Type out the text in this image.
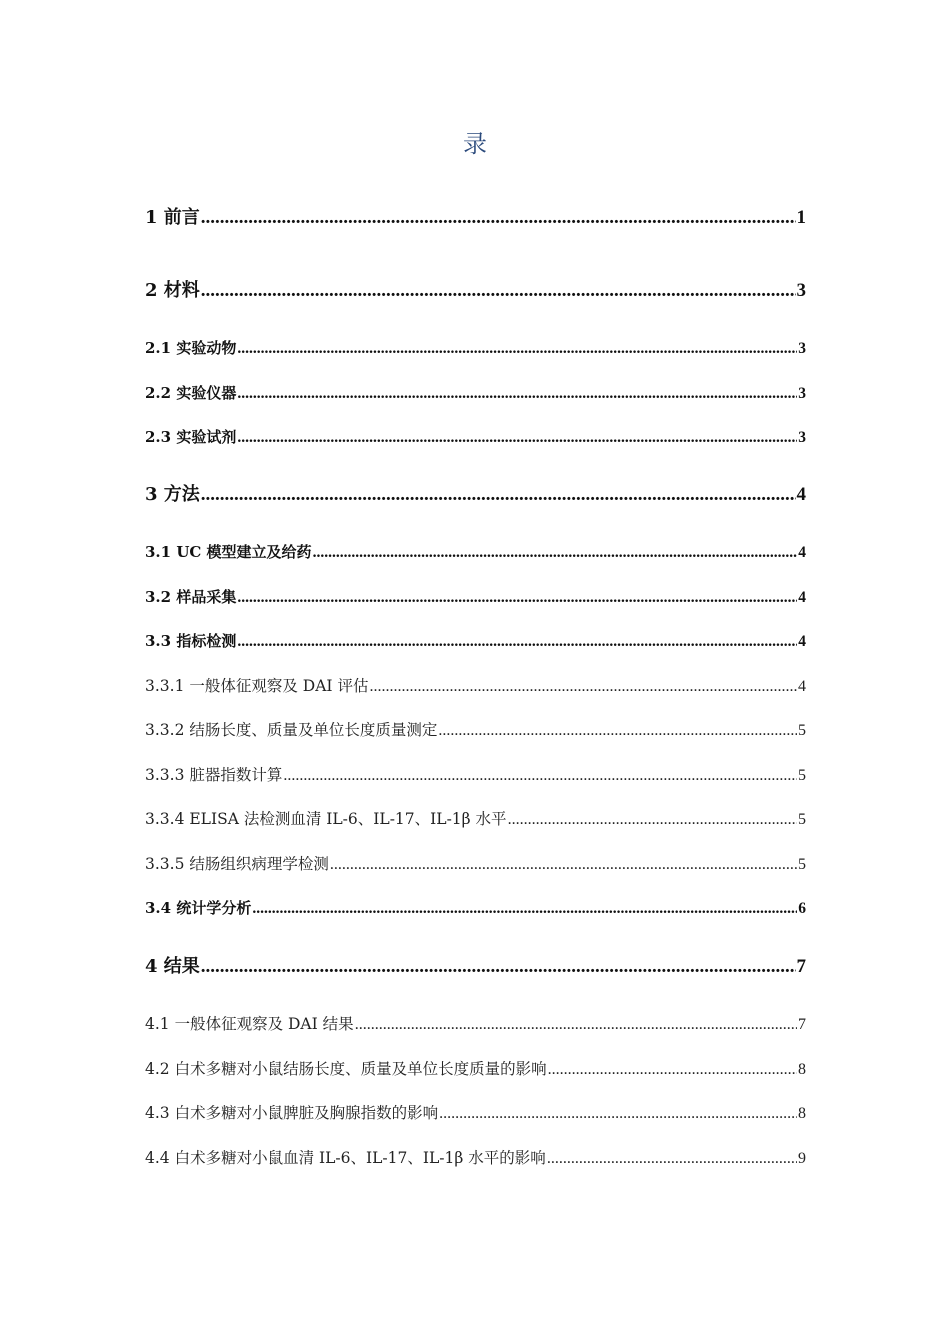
录
1 前言 .....	1
2 材料 .....	3
2.1 实验动物 .....	3
2.2 实验仪器 .....	3
2.3 实验试剂 .....	3
3 方法 .....	4
3.1 UC 模型建立及给药 .....	4
3.2 样品采集 .....	4
3.3 指标检测 .....	4
3.3.1 一般体征观察及 DAI 评估 .....	4
3.3.2 结肠长度、质量及单位长度质量测定 .....	5
3.3.3 脏器指数计算 .....	5
3.3.4 ELISA 法检测血清 IL-6、IL-17、IL-1β 水平 .....	5
3.3.5 结肠组织病理学检测 .....	5
3.4 统计学分析 .....	6
4 结果 .....	7
4.1 一般体征观察及 DAI 结果 .....	7
4.2 白术多糖对小鼠结肠长度、质量及单位长度质量的影响 .....	8
4.3 白术多糖对小鼠脾脏及胸腺指数的影响 .....	8
4.4 白术多糖对小鼠血清 IL-6、IL-17、IL-1β 水平的影响 .....	9
